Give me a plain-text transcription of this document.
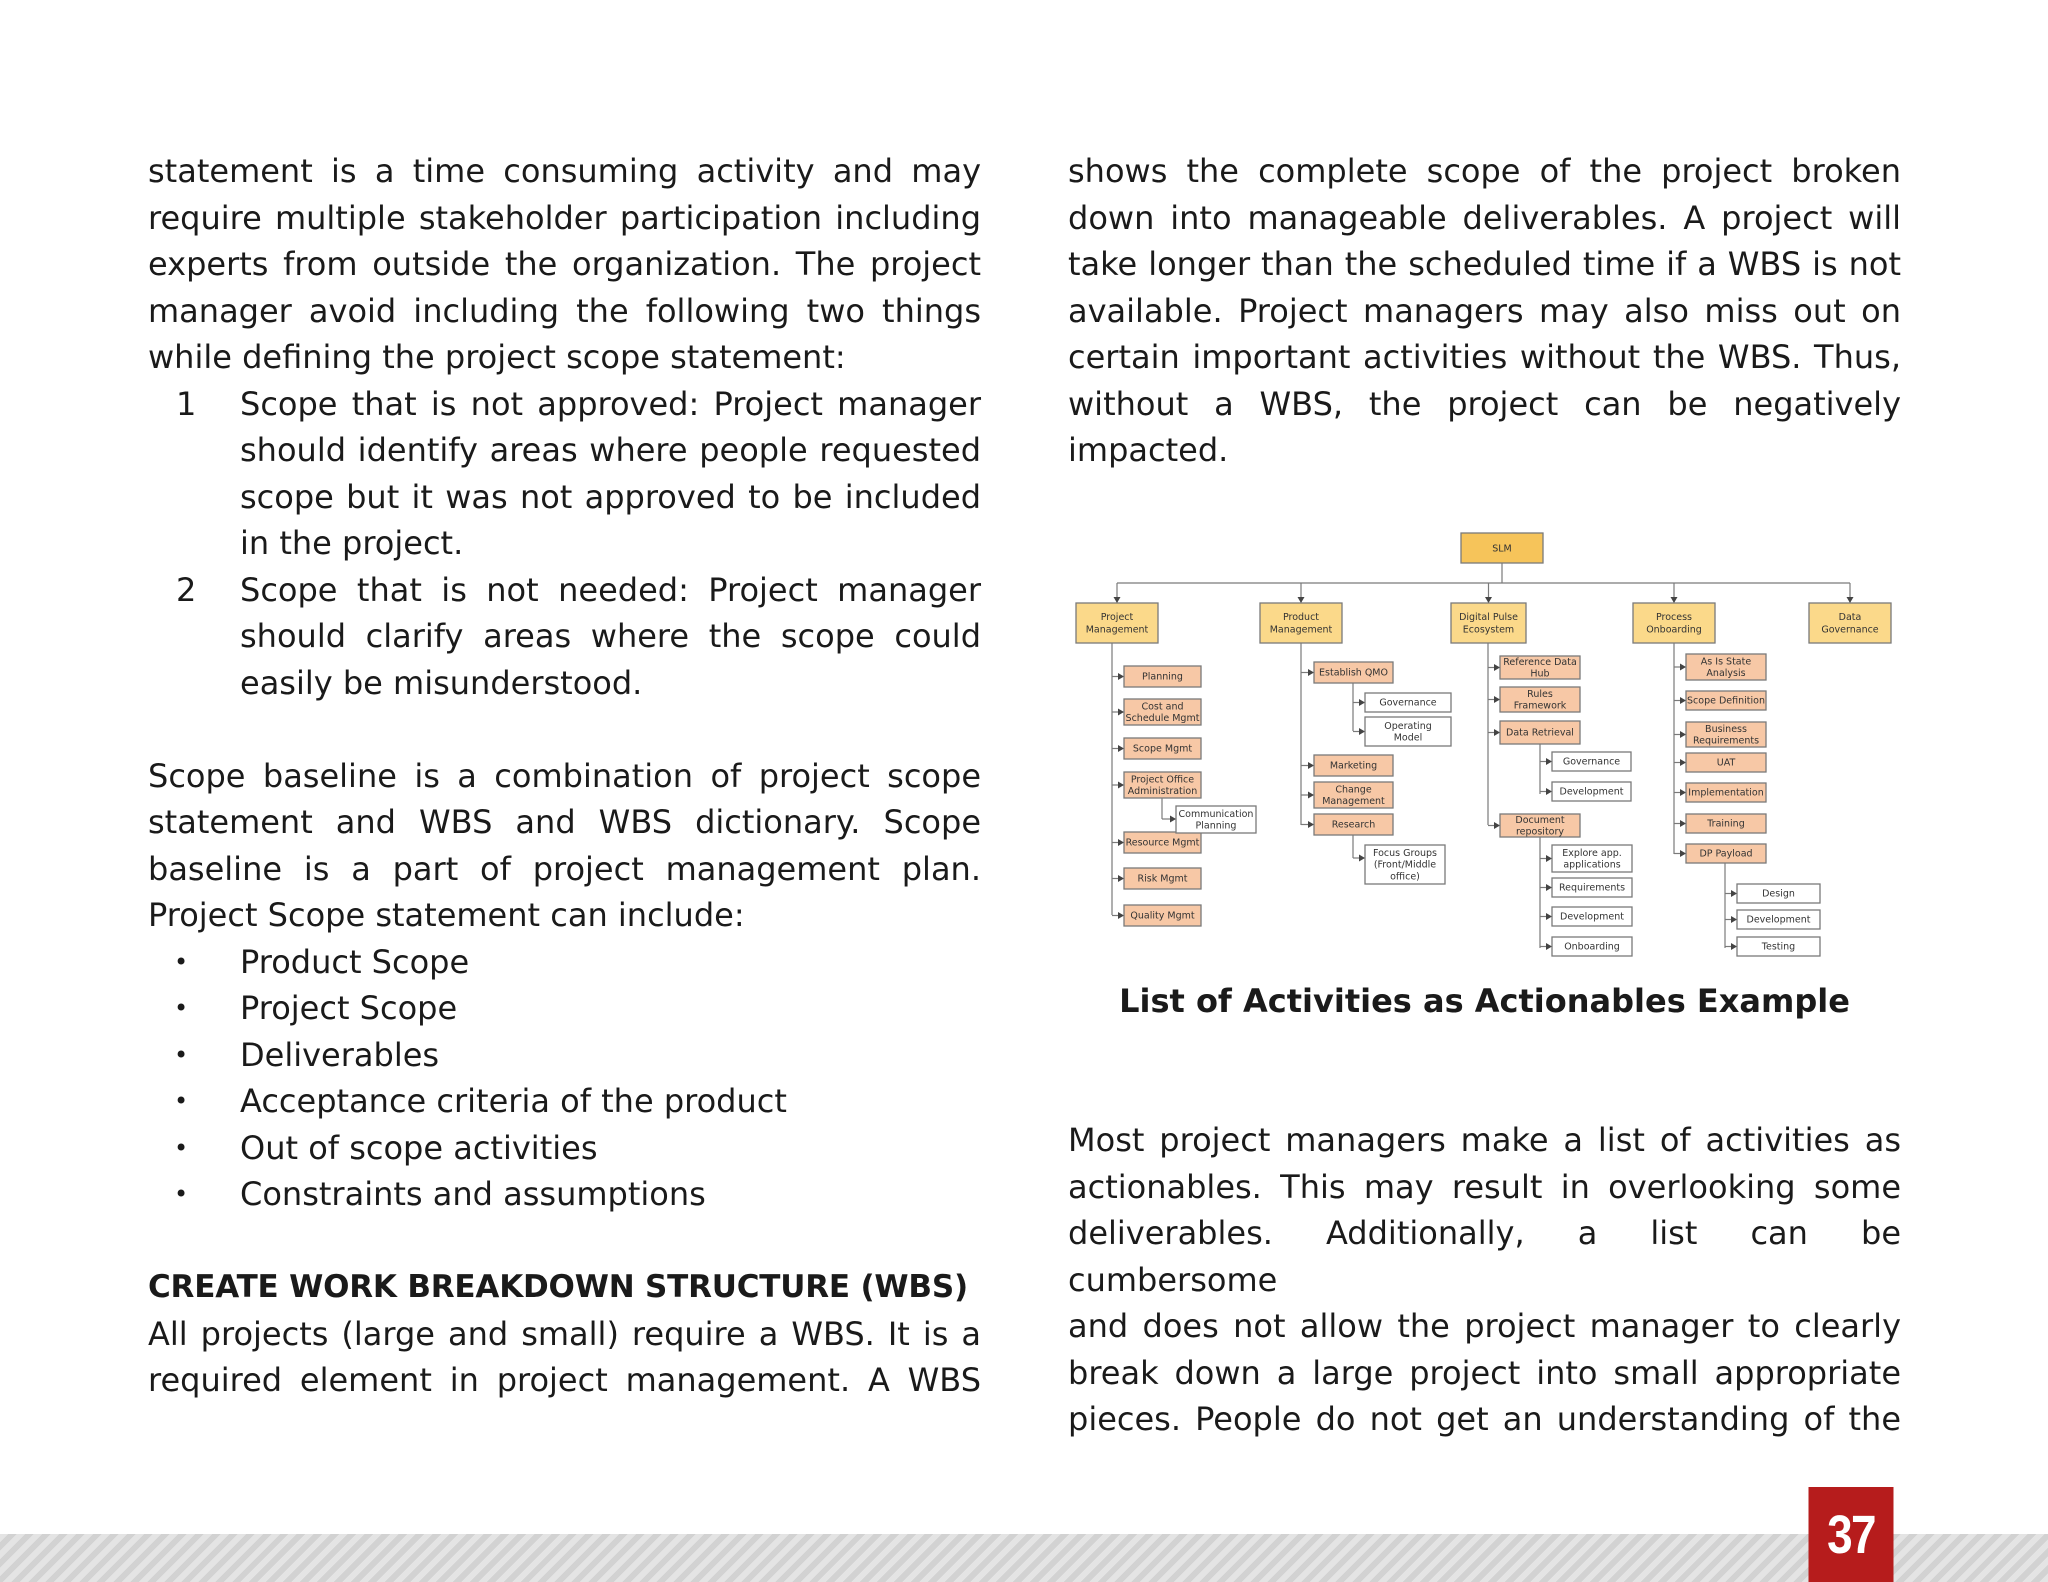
statement is a time consuming activity and may
require multiple stakeholder participation including
experts from outside the organization. The project
manager avoid including the following two things
while defining the project scope statement:
1	Scope that is not approved: Project manager
should identify areas where people requested
scope but it was not approved to be included
in the project.
2	Scope that is not needed: Project manager
should clarify areas where the scope could
easily be misunderstood.
Scope baseline is a combination of project scope
statement and WBS and WBS dictionary. Scope
baseline is a part of project management plan.
Project Scope statement can include:
•	Product Scope
•	Project Scope
•	Deliverables
•	Acceptance criteria of the product
•	Out of scope activities
•	Constraints and assumptions
CREATE WORK BREAKDOWN STRUCTURE (WBS)
All projects (large and small) require a WBS. It is a
required element in project management. A WBS
shows the complete scope of the project broken
down into manageable deliverables. A project will
take longer than the scheduled time if a WBS is not
available. Project managers may also miss out on
certain important activities without the WBS. Thus,
without a WBS, the project can be negatively
impacted.
SLM
Project
Management
Product
Management
Digital Pulse
Ecosystem
Process
Onboarding
Data
Governance
Planning
Cost and
Schedule Mgmt
Scope Mgmt
Project Office
Administration
Resource Mgmt
Risk Mgmt
Quality Mgmt
Communication
Planning
Establish QMO
Marketing
Change
Management
Research
Governance
Operating
Model
Focus Groups
(Front/Middle
office)
Reference Data
Hub
Rules
Framework
Data Retrieval
Document
repository
Governance
Development
Explore app.
applications
Requirements
Development
Onboarding
As Is State
Analysis
Scope Definition
Business
Requirements
UAT
Implementation
Training
DP Payload
Design
Development
Testing
List of Activities as Actionables Example
Most project managers make a list of activities as
actionables. This may result in overlooking some
deliverables. Additionally, a list can be cumbersome
and does not allow the project manager to clearly
break down a large project into small appropriate
pieces. People do not get an understanding of the
37
